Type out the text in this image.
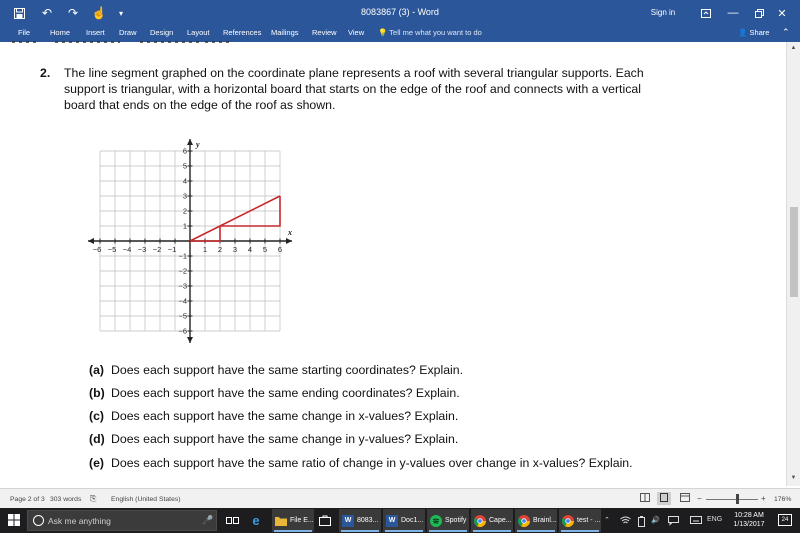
↶	↷	☝	▾	8083867 (3) - Word	Sign in	—	✕
File	Home Insert Draw Design Layout References Mailings Review View 💡 Tell me what you want to do	👤 Share ⌃
2. The line segment graphed on the coordinate plane represents a roof with several triangular supports. Each
support is triangular, with a horizontal board that starts on the edge of the roof and connects with a vertical
board that ends on the edge of the roof as shown.
−6 −5 −4 −3 −2 −1	1 2 3 4 5 6
6
5
4
3
2
1
−1
−2
−3
−4
−5
−6
x
y
(a) Does each support have the same starting coordinates? Explain.
(b) Does each support have the same ending coordinates? Explain.
(c) Does each support have the same change in x-values? Explain.
(d) Does each support have the same change in y-values? Explain.
(e) Does each support have the same ratio of change in y-values over change in x-values? Explain.
▲
▼
Page 2 of 3 303 words ⎘ English (United States)	−	+ 176%
Ask me anything	🎤	e	File E...	W 8083...	W Doc1...	Spotify	Cape...	Brainl...	test - ... ⌃	🔊	ENG
10:28 AM
1/13/2017
24
